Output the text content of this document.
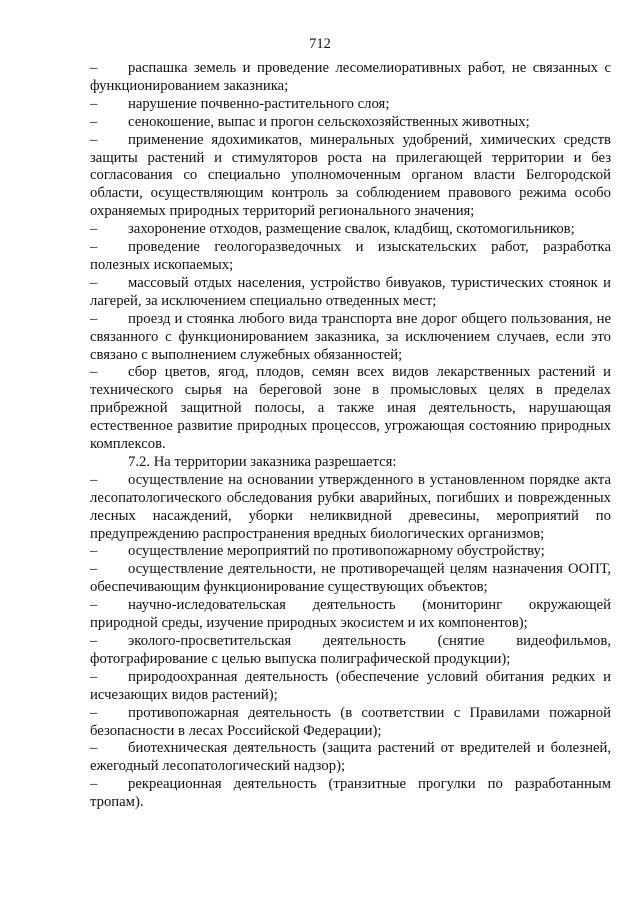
712

–	распашка земель и проведение лесомелиоративных работ, не связанных с функционированием заказника;

–	нарушение почвенно-растительного слоя;

–	сенокошение, выпас и прогон сельскохозяйственных животных;

–	применение ядохимикатов, минеральных удобрений, химических средств защиты растений и стимуляторов роста на прилегающей территории и без согласования со специально уполномоченным органом власти Белгородской области, осуществляющим контроль за соблюдением правового режима особо охраняемых природных территорий регионального значения;

–	захоронение отходов, размещение свалок, кладбищ, скотомогильников;

–	проведение геологоразведочных и изыскательских работ, разработка полезных ископаемых;

–	массовый отдых населения, устройство бивуаков, туристических стоянок и лагерей, за исключением специально отведенных мест;

–	проезд и стоянка любого вида транспорта вне дорог общего пользования, не связанного с функционированием заказника, за исключением случаев, если это связано с выполнением служебных обязанностей;

–	сбор цветов, ягод, плодов, семян всех видов лекарственных растений и технического сырья на береговой зоне в промысловых целях в пределах прибрежной защитной полосы, а также иная деятельность, нарушающая естественное развитие природных процессов, угрожающая состоянию природных комплексов.

7.2. На территории заказника разрешается:

–	осуществление на основании утвержденного в установленном порядке акта лесопатологического обследования рубки аварийных, погибших и поврежденных лесных насаждений, уборки неликвидной древесины, мероприятий по предупреждению распространения вредных биологических организмов;

–	осуществление мероприятий по противопожарному обустройству;

–	осуществление деятельности, не противоречащей целям назначения ООПТ, обеспечивающим функционирование существующих объектов;

–	научно-иследовательская деятельность (мониторинг окружающей природной среды, изучение природных экосистем и их компонентов);

–	эколого-просветительская деятельность (снятие видеофильмов, фотографирование с целью выпуска полиграфической продукции);

–	природоохранная деятельность (обеспечение условий обитания редких и исчезающих видов растений);

–	противопожарная деятельность (в соответствии с Правилами пожарной безопасности в лесах Российской Федерации);

–	биотехническая деятельность (защита растений от вредителей и болезней, ежегодный лесопатологический надзор);

–	рекреационная деятельность (транзитные прогулки по разработанным тропам).
